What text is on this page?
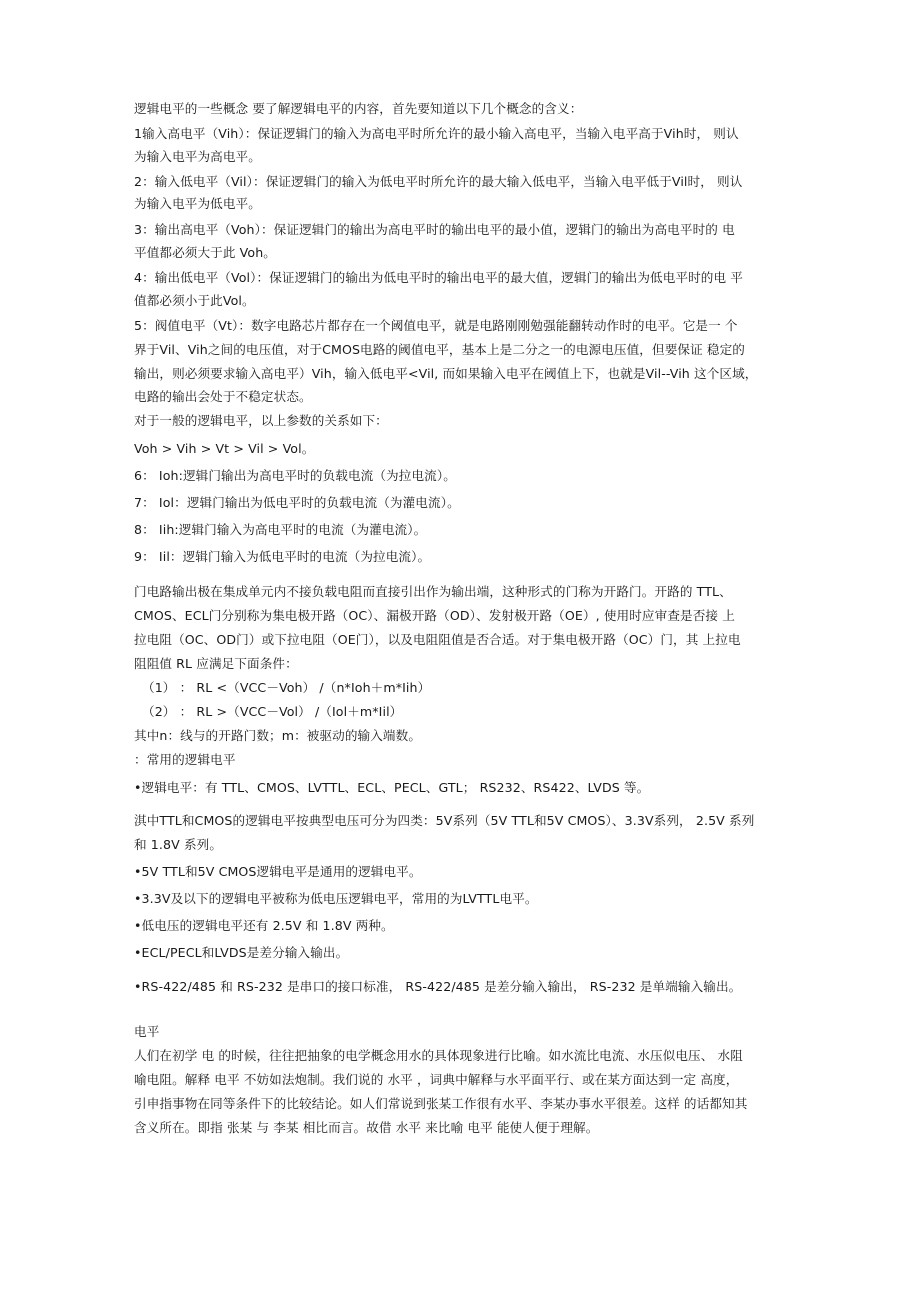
逻辑电平的一些概念 要了解逻辑电平的内容，首先要知道以下几个概念的含义：
1输入高电平（Vih）：保证逻辑门的输入为高电平时所允许的最小输入高电平，当输入电平高于Vih时， 则认
为输入电平为高电平。
2：输入低电平（Vil）：保证逻辑门的输入为低电平时所允许的最大输入低电平，当输入电平低于Vil时， 则认
为输入电平为低电平。
3：输出高电平（Voh）：保证逻辑门的输出为高电平时的输出电平的最小值，逻辑门的输出为高电平时的 电
平值都必须大于此 Voh。
4：输出低电平（Vol）：保证逻辑门的输出为低电平时的输出电平的最大值，逻辑门的输出为低电平时的电 平
值都必须小于此Vol。
5：阀值电平（Vt）：数字电路芯片都存在一个阈值电平，就是电路刚刚勉强能翻转动作时的电平。它是一 个
界于Vil、Vih之间的电压值，对于CMOS电路的阈值电平，基本上是二分之一的电源电压值，但要保证 稳定的
输出，则必须要求输入高电平）Vih，输入低电平<Vil, 而如果输入电平在阈值上下，也就是Vil--Vih 这个区域，
电路的输出会处于不稳定状态。
对于一般的逻辑电平，以上参数的关系如下：
Voh > Vih > Vt > Vil > Vol。
6： Ioh:逻辑门输出为高电平时的负载电流（为拉电流）。
7： Iol：逻辑门输出为低电平时的负载电流（为灌电流）。
8： Iih:逻辑门输入为高电平时的电流（为灌电流）。
9： Iil：逻辑门输入为低电平时的电流（为拉电流）。
门电路输出极在集成单元内不接负载电阻而直接引出作为输出端，这种形式的门称为开路门。开路的 TTL、
CMOS、ECL门分别称为集电极开路（OC）、漏极开路（OD）、发射极开路（OE）, 使用时应审查是否接 上
拉电阻（OC、OD门）或下拉电阻（OE门），以及电阻阻值是否合适。对于集电极开路（OC）门，其 上拉电
阻阻值 RL 应满足下面条件：
（1） ： RL <（VCC－Voh） /（n*Ioh＋m*Iih）
（2） ： RL >（VCC－Vol） /（Iol＋m*Iil）
其中n：线与的开路门数；m：被驱动的输入端数。
：常用的逻辑电平
•逻辑电平：有 TTL、CMOS、LVTTL、ECL、PECL、GTL； RS232、RS422、LVDS 等。
淇中TTL和CMOS的逻辑电平按典型电压可分为四类：5V系列（5V TTL和5V CMOS）、3.3V系列， 2.5V 系列
和 1.8V 系列。
•5V TTL和5V CMOS逻辑电平是通用的逻辑电平。
•3.3V及以下的逻辑电平被称为低电压逻辑电平，常用的为LVTTL电平。
•低电压的逻辑电平还有 2.5V 和 1.8V 两种。
•ECL/PECL和LVDS是差分输入输出。
•RS-422/485 和 RS-232 是串口的接口标准， RS-422/485 是差分输入输出， RS-232 是单端输入输出。
电平
人们在初学 电 的时候，往往把抽象的电学概念用水的具体现象进行比喻。如水流比电流、水压似电压、 水阻
喻电阻。解释 电平 不妨如法炮制。我们说的 水平 ，词典中解释与水平面平行、或在某方面达到一定 高度，
引申指事物在同等条件下的比较结论。如人们常说到张某工作很有水平、李某办事水平很差。这样 的话都知其
含义所在。即指 张某 与 李某 相比而言。故借 水平 来比喻 电平 能使人便于理解。
